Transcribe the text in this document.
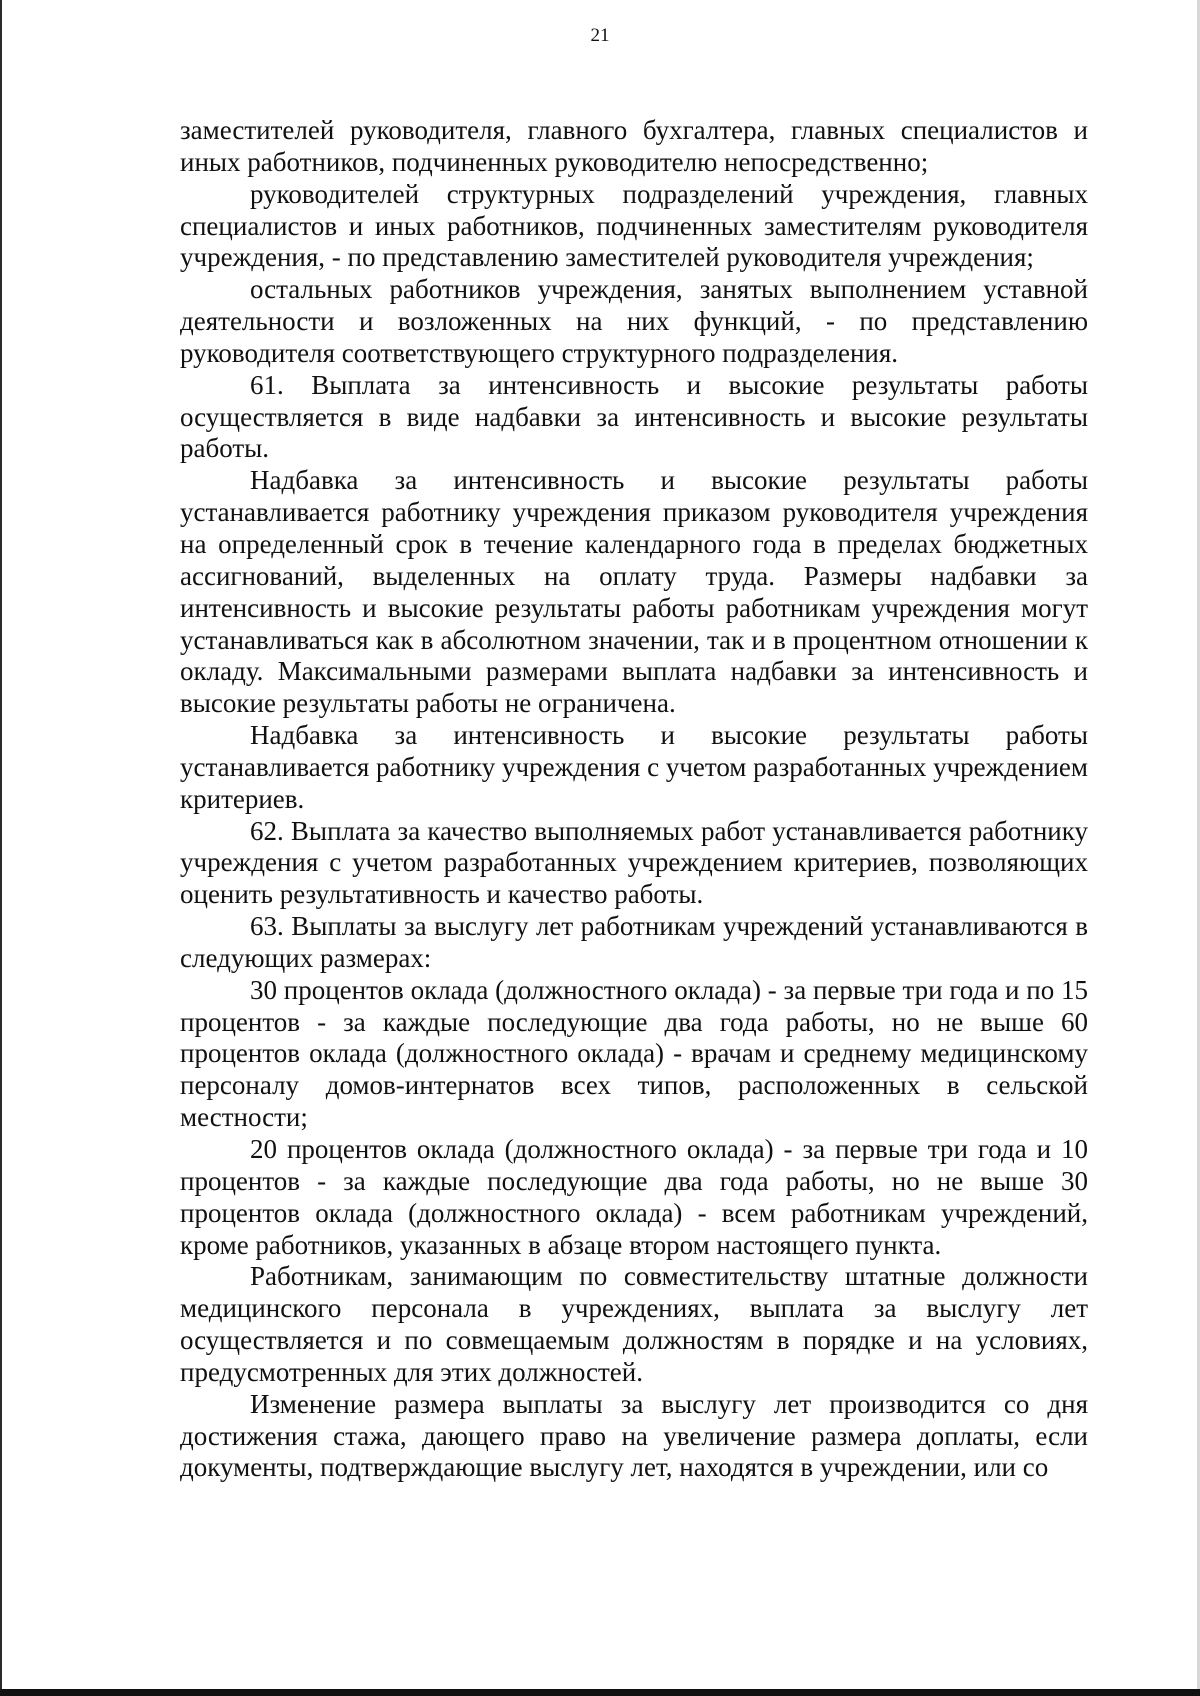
21

заместителей руководителя, главного бухгалтера, главных специалистов и иных работников, подчиненных руководителю непосредственно;

руководителей структурных подразделений учреждения, главных специалистов и иных работников, подчиненных заместителям руководителя учреждения, - по представлению заместителей руководителя учреждения;

остальных работников учреждения, занятых выполнением уставной деятельности и возложенных на них функций, - по представлению руководителя соответствующего структурного подразделения.

61. Выплата за интенсивность и высокие результаты работы осуществляется в виде надбавки за интенсивность и высокие результаты работы.

Надбавка за интенсивность и высокие результаты работы устанавливается работнику учреждения приказом руководителя учреждения на определенный срок в течение календарного года в пределах бюджетных ассигнований, выделенных на оплату труда. Размеры надбавки за интенсивность и высокие результаты работы работникам учреждения могут устанавливаться как в абсолютном значении, так и в процентном отношении к окладу. Максимальными размерами выплата надбавки за интенсивность и высокие результаты работы не ограничена.

Надбавка за интенсивность и высокие результаты работы устанавливается работнику учреждения с учетом разработанных учреждением критериев.

62. Выплата за качество выполняемых работ устанавливается работнику учреждения с учетом разработанных учреждением критериев, позволяющих оценить результативность и качество работы.

63. Выплаты за выслугу лет работникам учреждений устанавливаются в следующих размерах:

30 процентов оклада (должностного оклада) - за первые три года и по 15 процентов - за каждые последующие два года работы, но не выше 60 процентов оклада (должностного оклада) - врачам и среднему медицинскому персоналу домов-интернатов всех типов, расположенных в сельской местности;

20 процентов оклада (должностного оклада) - за первые три года и 10 процентов - за каждые последующие два года работы, но не выше 30 процентов оклада (должностного оклада) - всем работникам учреждений, кроме работников, указанных в абзаце втором настоящего пункта.

Работникам, занимающим по совместительству штатные должности медицинского персонала в учреждениях, выплата за выслугу лет осуществляется и по совмещаемым должностям в порядке и на условиях, предусмотренных для этих должностей.

Изменение размера выплаты за выслугу лет производится со дня достижения стажа, дающего право на увеличение размера доплаты, если документы, подтверждающие выслугу лет, находятся в учреждении, или со
